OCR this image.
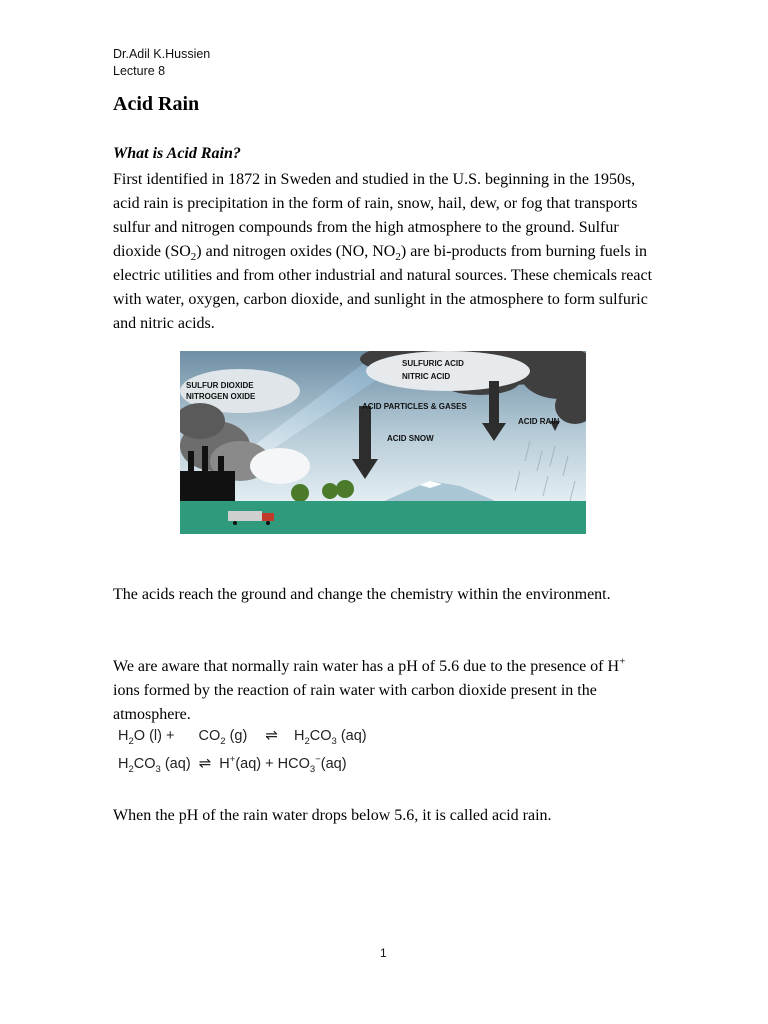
Dr.Adil K.Hussien
Lecture 8
Acid Rain
What is Acid Rain?

First identified in 1872 in Sweden and studied in the U.S. beginning in the 1950s, acid rain is precipitation in the form of rain, snow, hail, dew, or fog that transports sulfur and nitrogen compounds from the high atmosphere to the ground. Sulfur dioxide $(SO_2)$ and nitrogen oxides (NO, $NO_2$) are bi-products from burning fuels in electric utilities and from other industrial and natural sources. These chemicals react with water, oxygen, carbon dioxide, and sunlight in the atmosphere to form sulfuric and nitric acids.

SULFURIC ACID
NITRIC ACID
SULFUR DIOXIDE
NITROGEN OXIDE
ACID PARTICLES & GASES
ACID RAIN
ACID SNOW

The acids reach the ground and change the chemistry within the environment.

We are aware that normally rain water has a pH of 5.6 due to the presence of H+ ions formed by the reaction of rain water with carbon dioxide present in the atmosphere.

$H_2O$ $(l) + CO_2$ (g) ⇌ $H_2CO_3$ (aq)
$H_2CO_3$ (aq) ⇌ $H^+(aq) + HCO_3^-(aq)$

When the pH of the rain water drops below 5.6, it is called acid rain.

1
